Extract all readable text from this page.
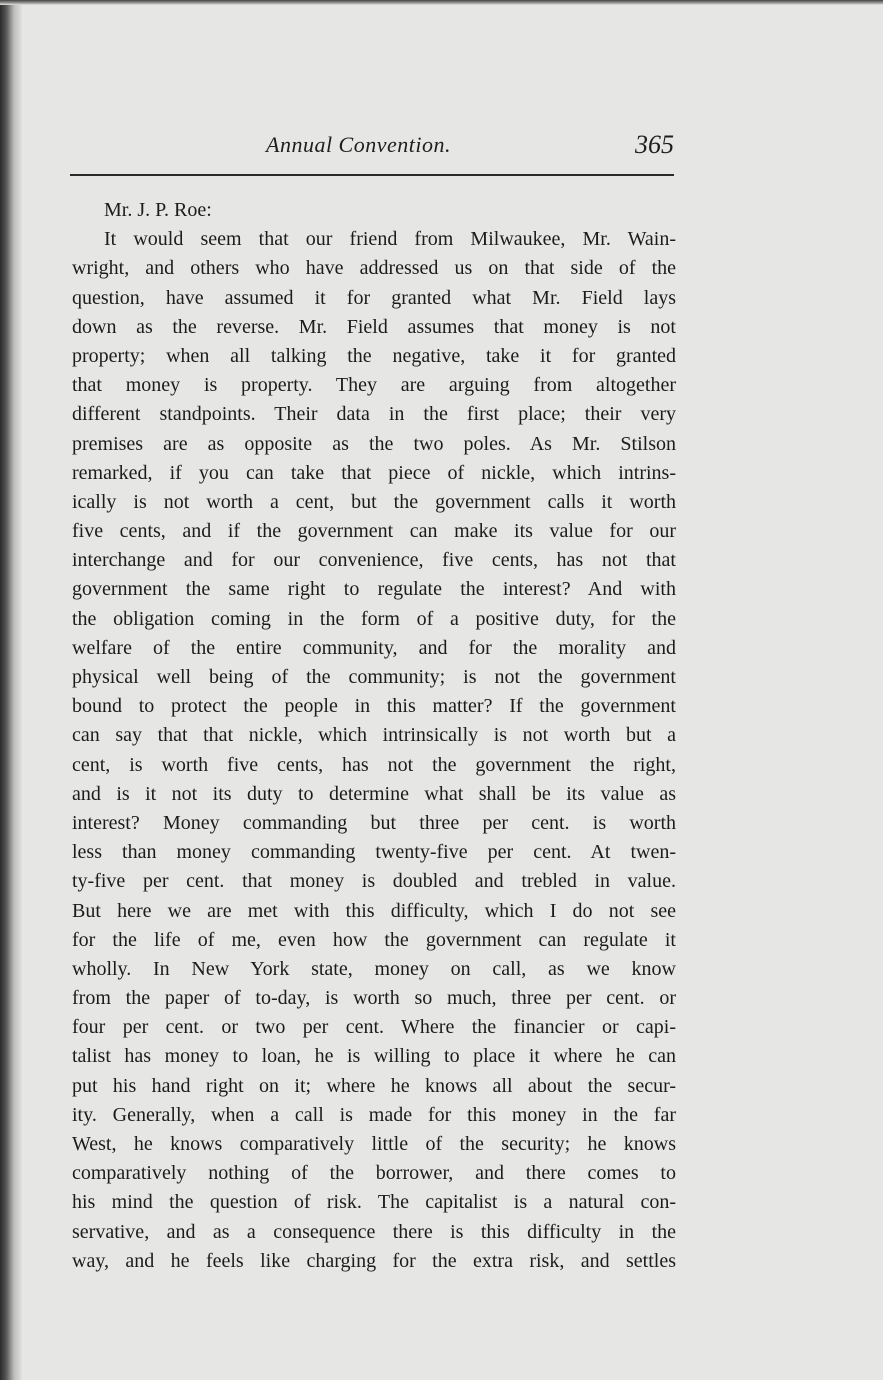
Annual Convention.	365
Mr. J. P. Roe:
It would seem that our friend from Milwaukee, Mr. Wain-
wright, and others who have addressed us on that side of the
question, have assumed it for granted what Mr. Field lays
down as the reverse. Mr. Field assumes that money is not
property; when all talking the negative, take it for granted
that money is property. They are arguing from altogether
different standpoints. Their data in the first place; their very
premises are as opposite as the two poles. As Mr. Stilson
remarked, if you can take that piece of nickle, which intrins-
ically is not worth a cent, but the government calls it worth
five cents, and if the government can make its value for our
interchange and for our convenience, five cents, has not that
government the same right to regulate the interest? And with
the obligation coming in the form of a positive duty, for the
welfare of the entire community, and for the morality and
physical well being of the community; is not the government
bound to protect the people in this matter? If the government
can say that that nickle, which intrinsically is not worth but a
cent, is worth five cents, has not the government the right,
and is it not its duty to determine what shall be its value as
interest? Money commanding but three per cent. is worth
less than money commanding twenty-five per cent. At twen-
ty-five per cent. that money is doubled and trebled in value.
But here we are met with this difficulty, which I do not see
for the life of me, even how the government can regulate it
wholly. In New York state, money on call, as we know
from the paper of to-day, is worth so much, three per cent. or
four per cent. or two per cent. Where the financier or capi-
talist has money to loan, he is willing to place it where he can
put his hand right on it; where he knows all about the secur-
ity. Generally, when a call is made for this money in the far
West, he knows comparatively little of the security; he knows
comparatively nothing of the borrower, and there comes to
his mind the question of risk. The capitalist is a natural con-
servative, and as a consequence there is this difficulty in the
way, and he feels like charging for the extra risk, and settles
